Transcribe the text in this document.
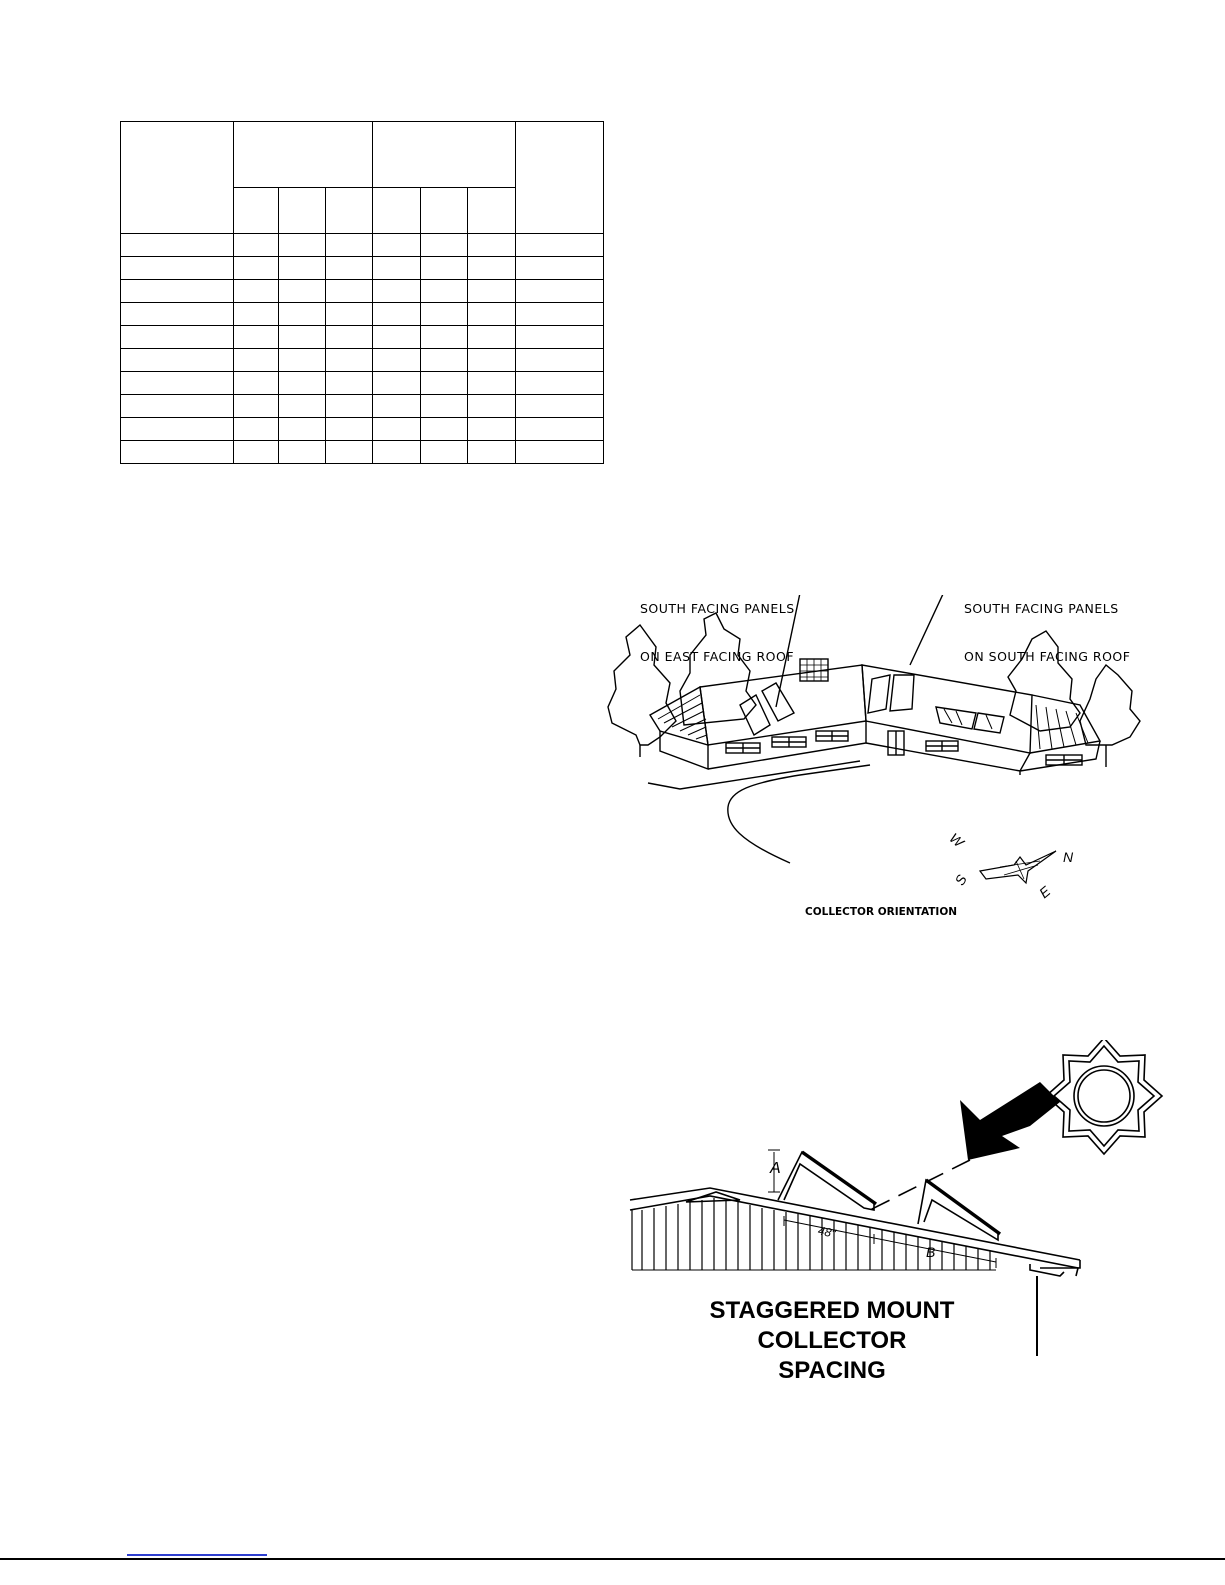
SOUTH FACING PANELS

ON EAST FACING ROOF

SOUTH FACING PANELS

ON SOUTH FACING ROOF

W
N
S
E
COLLECTOR ORIENTATION
A
48"
B
STAGGERED MOUNT
COLLECTOR SPACING
